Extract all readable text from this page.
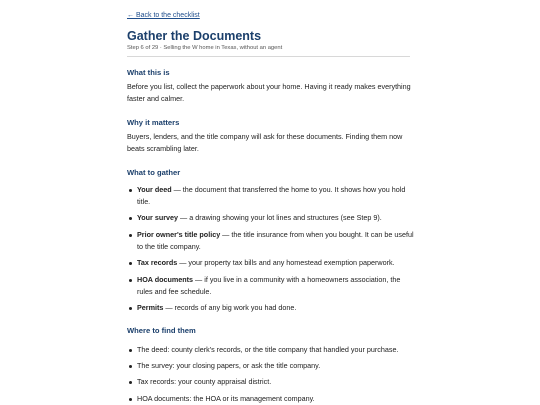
← Back to the checklist
Gather the Documents
Step 6 of 29 · Selling the W home in Texas, without an agent
What this is

Before you list, collect the paperwork about your home. Having it ready makes everything faster and calmer.

Why it matters

Buyers, lenders, and the title company will ask for these documents. Finding them now beats scrambling later.

What to gather
Your deed — the document that transferred the home to you. It shows how you hold title.
Your survey — a drawing showing your lot lines and structures (see Step 9).
Prior owner's title policy — the title insurance from when you bought. It can be useful to the title company.
Tax records — your property tax bills and any homestead exemption paperwork.
HOA documents — if you live in a community with a homeowners association, the rules and fee schedule.
Permits — records of any big work you had done.
Where to find them
The deed: county clerk's records, or the title company that handled your purchase.
The survey: your closing papers, or ask the title company.
Tax records: your county appraisal district.
HOA documents: the HOA or its management company.
